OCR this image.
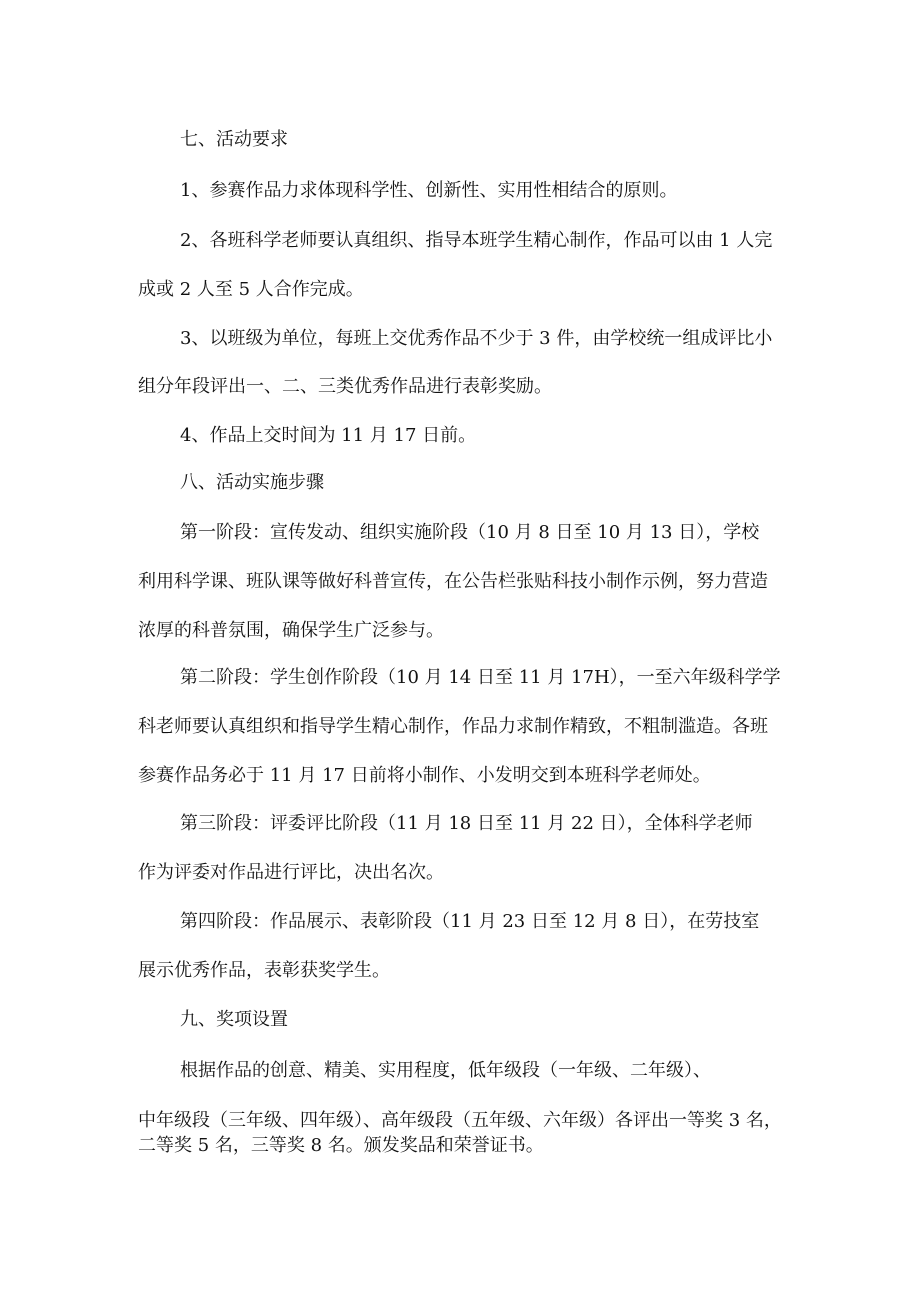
七、活动要求
1、参赛作品力求体现科学性、创新性、实用性相结合的原则。
2、各班科学老师要认真组织、指导本班学生精心制作，作品可以由 1 人完
成或 2 人至 5 人合作完成。
3、以班级为单位，每班上交优秀作品不少于 3 件，由学校统一组成评比小
组分年段评出一、二、三类优秀作品进行表彰奖励。
4、作品上交时间为 11 月 17 日前。
八、活动实施步骤
第一阶段：宣传发动、组织实施阶段（10 月 8 日至 10 月 13 日），学校
利用科学课、班队课等做好科普宣传，在公告栏张贴科技小制作示例，努力营造
浓厚的科普氛围，确保学生广泛参与。
第二阶段：学生创作阶段（10 月 14 日至 11 月 17H），一至六年级科学学
科老师要认真组织和指导学生精心制作，作品力求制作精致，不粗制滥造。各班
参赛作品务必于 11 月 17 日前将小制作、小发明交到本班科学老师处。
第三阶段：评委评比阶段（11 月 18 日至 11 月 22 日），全体科学老师
作为评委对作品进行评比，决出名次。
第四阶段：作品展示、表彰阶段（11 月 23 日至 12 月 8 日），在劳技室
展示优秀作品，表彰获奖学生。
九、奖项设置
根据作品的创意、精美、实用程度，低年级段（一年级、二年级）、
中年级段（三年级、四年级）、高年级段（五年级、六年级）各评出一等奖 3 名，
二等奖 5 名，三等奖 8 名。颁发奖品和荣誉证书。
